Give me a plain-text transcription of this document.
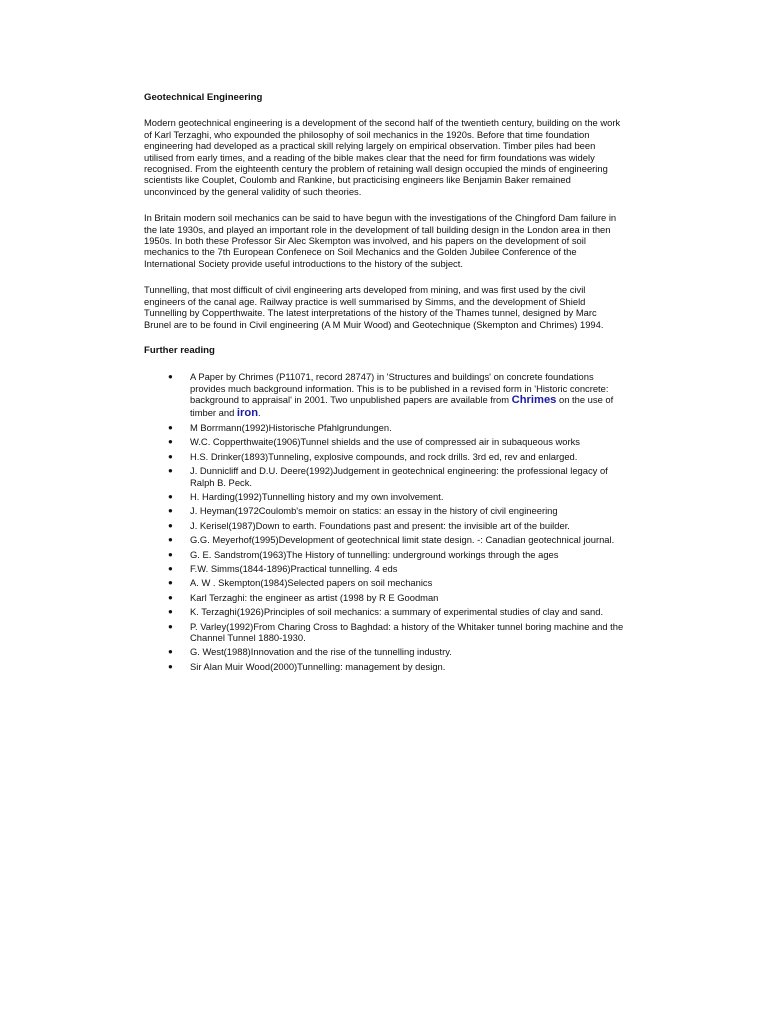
Geotechnical Engineering
Modern geotechnical engineering is a development of the second half of the twentieth century, building on the work of Karl Terzaghi, who expounded the philosophy of soil mechanics in the 1920s. Before that time foundation engineering had developed as a practical skill relying largely on empirical observation. Timber piles had been utilised from early times, and a reading of the bible makes clear that the need for firm foundations was widely recognised. From the eighteenth century the problem of retaining wall design occupied the minds of engineering scientists like Couplet, Coulomb and Rankine, but practicising engineers like Benjamin Baker remained unconvinced by the general validity of such theories.
In Britain modern soil mechanics can be said to have begun with the investigations of the Chingford Dam failure in the late 1930s, and played an important role in the development of tall building design in the London area in then 1950s. In both these Professor Sir Alec Skempton was involved, and his papers on the development of soil mechanics to the 7th European Confenece on Soil Mechanics and the Golden Jubilee Conference of the International Society provide useful introductions to the history of the subject.
Tunnelling, that most difficult of civil engineering arts developed from mining, and was first used by the civil engineers of the canal age. Railway practice is well summarised by Simms, and the development of Shield Tunnelling by Copperthwaite. The latest interpretations of the history of the Thames tunnel, designed by Marc Brunel are to be found in Civil engineering (A M Muir Wood) and Geotechnique (Skempton and Chrimes) 1994.
Further reading
● A Paper by Chrimes (P11071, record 28747) in 'Structures and buildings' on concrete foundations provides much background information. This is to be published in a revised form in 'Historic concrete: background to appraisal' in 2001. Two unpublished papers are available from Chrimes on the use of timber and iron.
● M Borrmann(1992)Historische Pfahlgrundungen.
● W.C. Copperthwaite(1906)Tunnel shields and the use of compressed air in subaqueous works
● H.S. Drinker(1893)Tunneling, explosive compounds, and rock drills. 3rd ed, rev and enlarged.
● J. Dunnicliff and D.U. Deere(1992)Judgement in geotechnical engineering: the professional legacy of Ralph B. Peck.
● H. Harding(1992)Tunnelling history and my own involvement.
● J. Heyman(1972Coulomb's memoir on statics: an essay in the history of civil engineering
● J. Kerisel(1987)Down to earth. Foundations past and present: the invisible art of the builder.
● G.G. Meyerhof(1995)Development of geotechnical limit state design. -: Canadian geotechnical journal.
● G. E. Sandstrom(1963)The History of tunnelling: underground workings through the ages
● F.W. Simms(1844-1896)Practical tunnelling. 4 eds
● A. W . Skempton(1984)Selected papers on soil mechanics
● Karl Terzaghi: the engineer as artist (1998 by R E Goodman
● K. Terzaghi(1926)Principles of soil mechanics: a summary of experimental studies of clay and sand.
● P. Varley(1992)From Charing Cross to Baghdad: a history of the Whitaker tunnel boring machine and the Channel Tunnel 1880-1930.
● G. West(1988)Innovation and the rise of the tunnelling industry.
● Sir Alan Muir Wood(2000)Tunnelling: management by design.
